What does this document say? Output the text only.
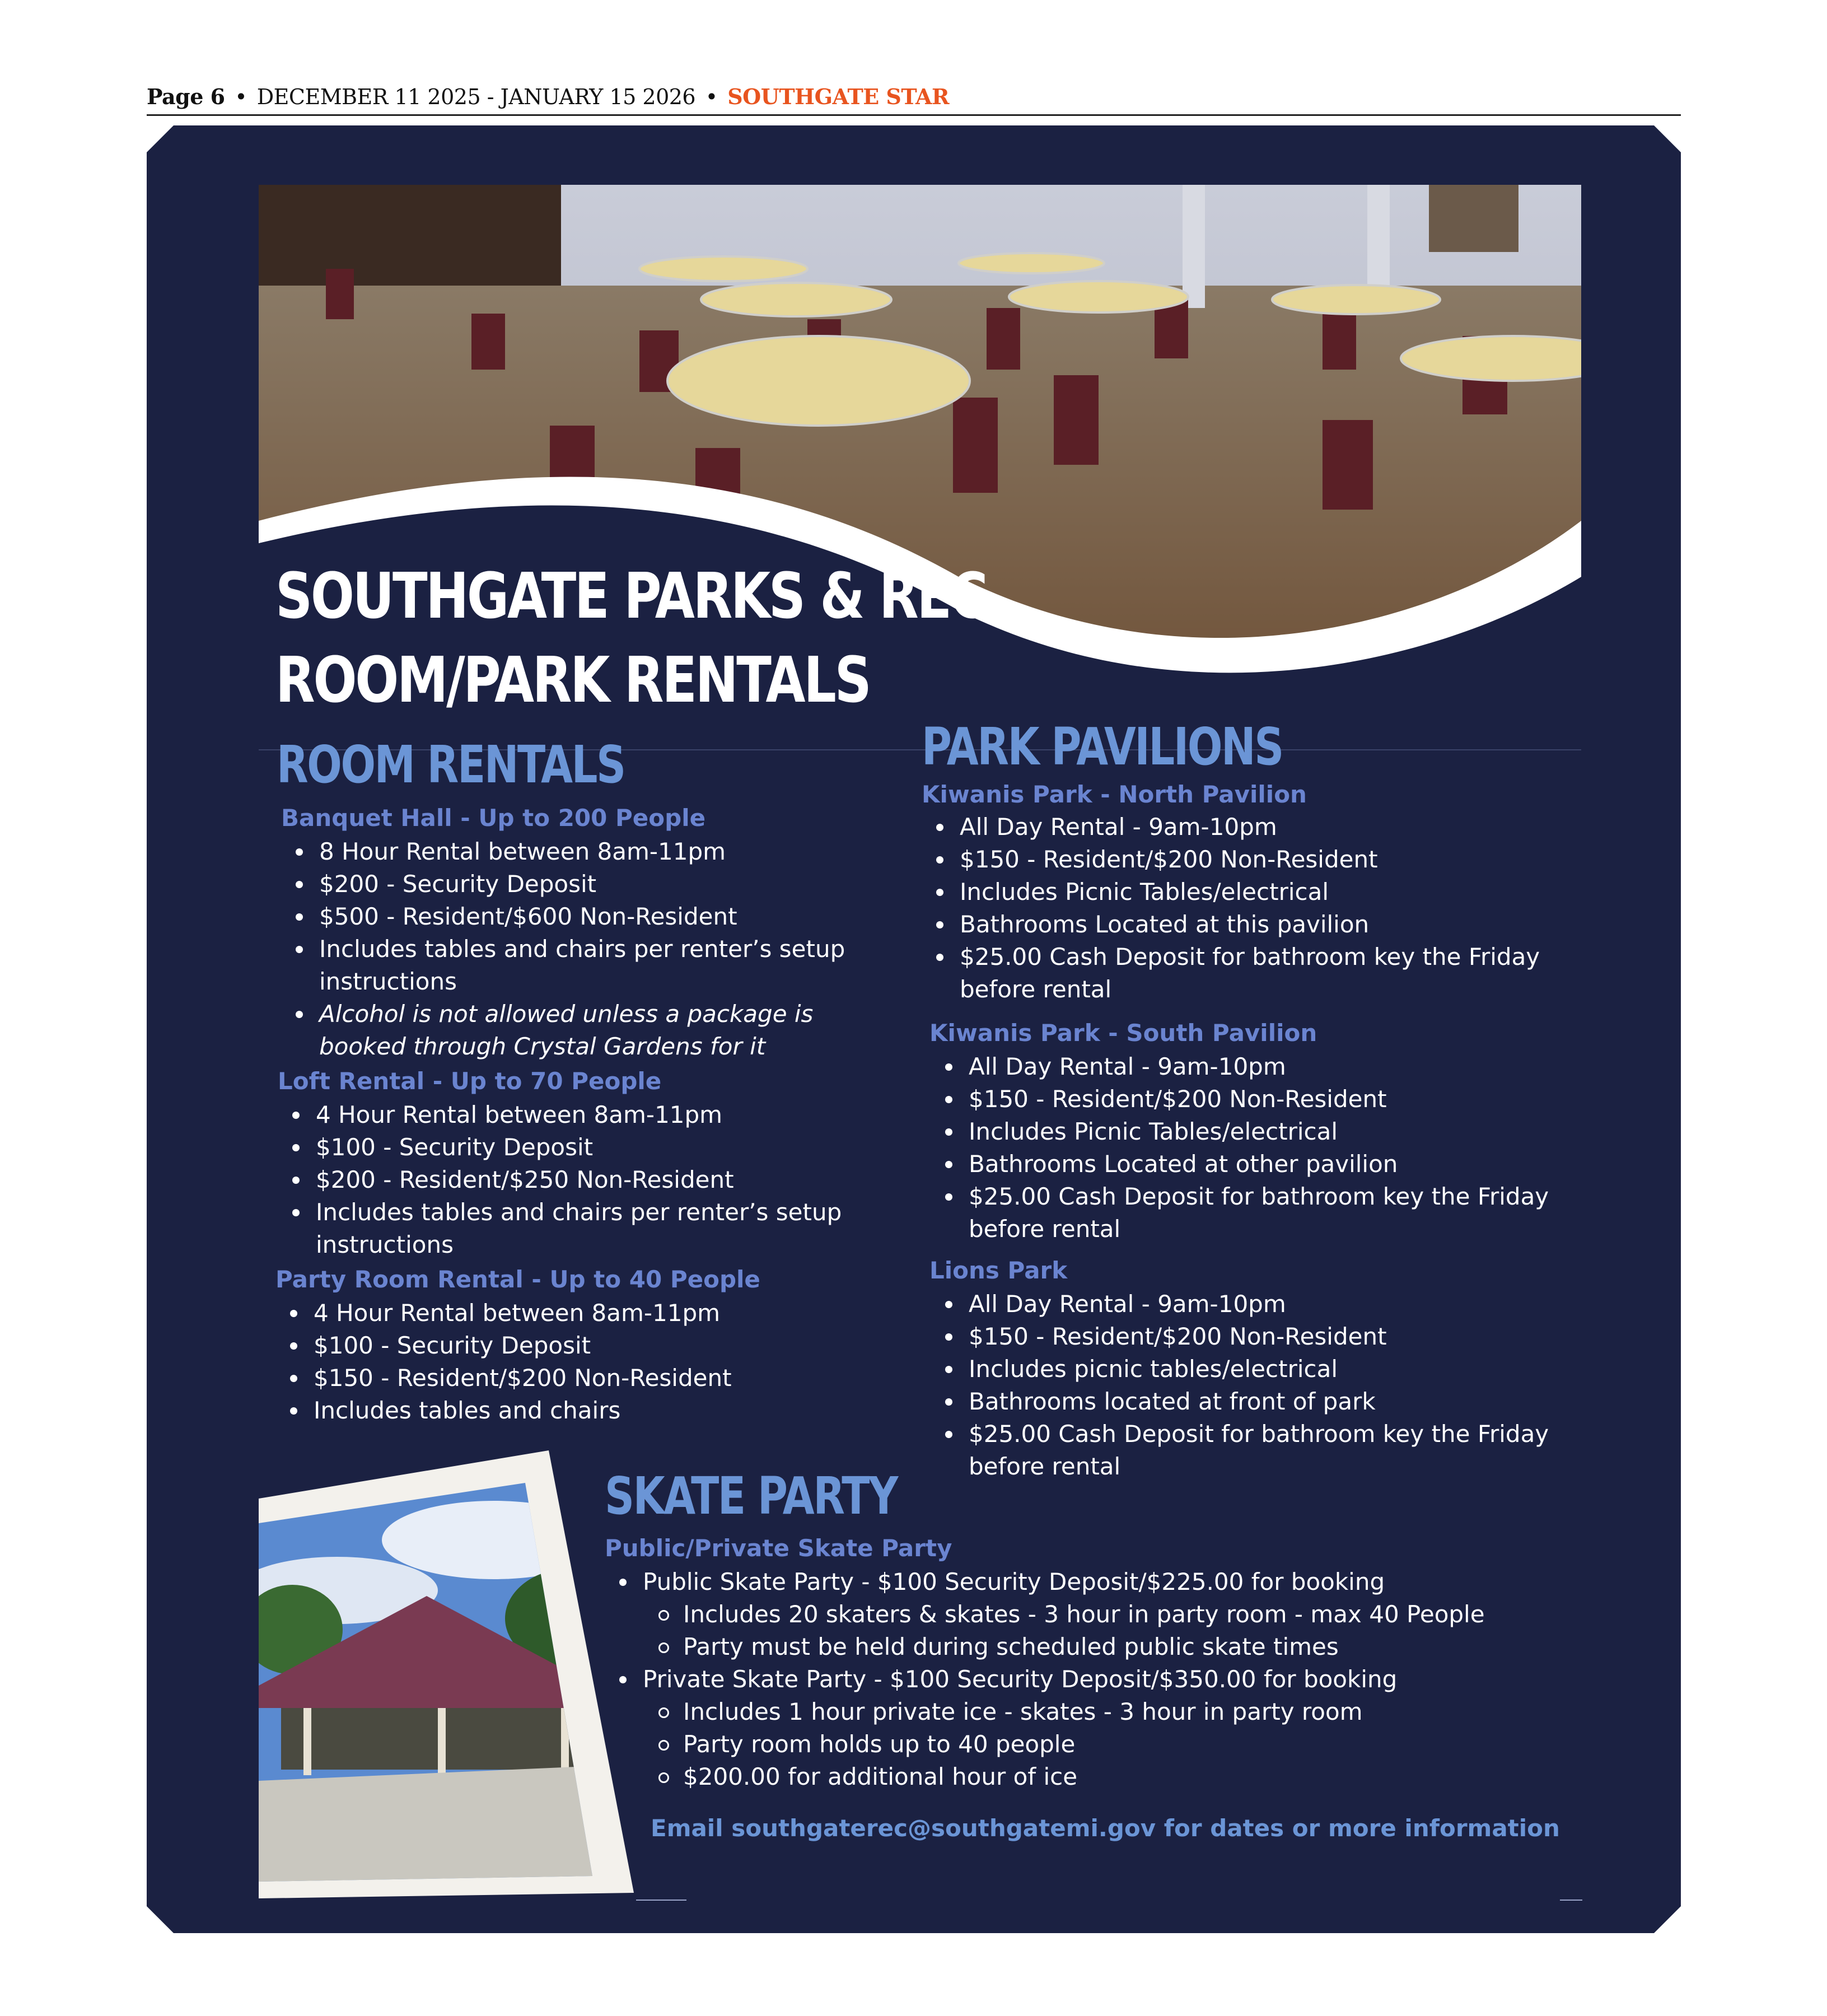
Page 6 • DECEMBER 11 2025 - JANUARY 15 2026 • SOUTHGATE STAR
SOUTHGATE PARKS & REC
ROOM/PARK RENTALS
ROOM RENTALS
Banquet Hall - Up to 200 People
8 Hour Rental between 8am-11pm
$200 - Security Deposit
$500 - Resident/$600 Non-Resident
Includes tables and chairs per renter’s setup
instructions
Alcohol is not allowed unless a package is
booked through Crystal Gardens for it
Loft Rental - Up to 70 People
4 Hour Rental between 8am-11pm
$100 - Security Deposit
$200 - Resident/$250 Non-Resident
Includes tables and chairs per renter’s setup
instructions
Party Room Rental - Up to 40 People
4 Hour Rental between 8am-11pm
$100 - Security Deposit
$150 - Resident/$200 Non-Resident
Includes tables and chairs
PARK PAVILIONS
Kiwanis Park - North Pavilion
All Day Rental - 9am-10pm
$150 - Resident/$200 Non-Resident
Includes Picnic Tables/electrical
Bathrooms Located at this pavilion
$25.00 Cash Deposit for bathroom key the Friday
before rental
Kiwanis Park - South Pavilion
All Day Rental - 9am-10pm
$150 - Resident/$200 Non-Resident
Includes Picnic Tables/electrical
Bathrooms Located at other pavilion
$25.00 Cash Deposit for bathroom key the Friday
before rental
Lions Park
All Day Rental - 9am-10pm
$150 - Resident/$200 Non-Resident
Includes picnic tables/electrical
Bathrooms located at front of park
$25.00 Cash Deposit for bathroom key the Friday
before rental
SKATE PARTY
Public/Private Skate Party
Public Skate Party - $100 Security Deposit/$225.00 for booking
Includes 20 skaters & skates - 3 hour in party room - max 40 People
Party must be held during scheduled public skate times
Private Skate Party - $100 Security Deposit/$350.00 for booking
Includes 1 hour private ice - skates - 3 hour in party room
Party room holds up to 40 people
$200.00 for additional hour of ice
Email southgaterec@southgatemi.gov for dates or more information
